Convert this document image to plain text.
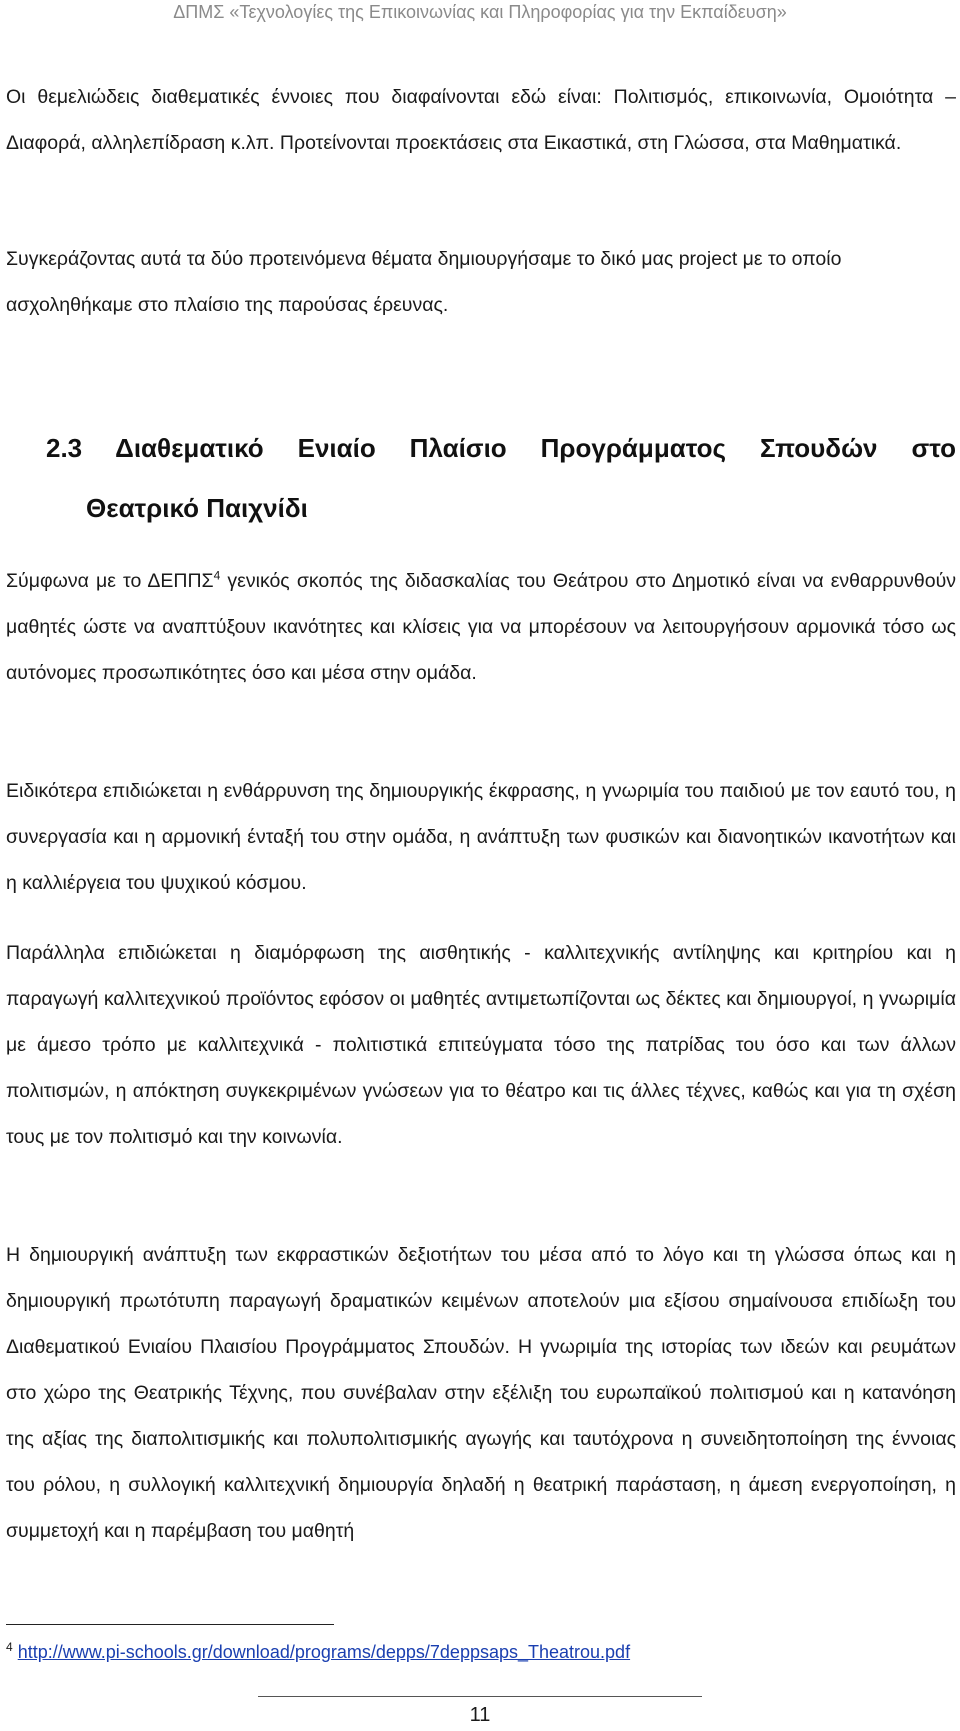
ΔΠΜΣ «Τεχνολογίες της Επικοινωνίας και Πληροφορίας για την Εκπαίδευση»

Οι θεμελιώδεις διαθεματικές έννοιες που διαφαίνονται εδώ είναι: Πολιτισμός, επικοινωνία, Ομοιότητα – Διαφορά, αλληλεπίδραση κ.λπ. Προτείνονται προεκτάσεις στα Εικαστικά, στη Γλώσσα, στα Μαθηματικά.

Συγκεράζοντας αυτά τα δύο προτεινόμενα θέματα δημιουργήσαμε το δικό μας project με το οποίο ασχοληθήκαμε στο πλαίσιο της παρούσας έρευνας.

2.3 Διαθεματικό Ενιαίο Πλαίσιο Προγράμματος Σπουδών στο
Θεατρικό Παιχνίδι

Σύμφωνα με το ΔΕΠΠΣ$^4$ γενικός σκοπός της διδασκαλίας του Θεάτρου στο Δημοτικό είναι να ενθαρρυνθούν μαθητές ώστε να αναπτύξουν ικανότητες και κλίσεις για να μπορέσουν να λειτουργήσουν αρμονικά τόσο ως αυτόνομες προσωπικότητες όσο και μέσα στην ομάδα.

Ειδικότερα επιδιώκεται η ενθάρρυνση της δημιουργικής έκφρασης, η γνωριμία του παιδιού με τον εαυτό του, η συνεργασία και η αρμονική ένταξή του στην ομάδα, η ανάπτυξη των φυσικών και διανοητικών ικανοτήτων και η καλλιέργεια του ψυχικού κόσμου.

Παράλληλα επιδιώκεται η διαμόρφωση της αισθητικής - καλλιτεχνικής αντίληψης και κριτηρίου και η παραγωγή καλλιτεχνικού προϊόντος εφόσον οι μαθητές αντιμετωπίζονται ως δέκτες και δημιουργοί, η γνωριμία με άμεσο τρόπο με καλλιτεχνικά - πολιτιστικά επιτεύγματα τόσο της πατρίδας του όσο και των άλλων πολιτισμών, η απόκτηση συγκεκριμένων γνώσεων για το θέατρο και τις άλλες τέχνες, καθώς και για τη σχέση τους με τον πολιτισμό και την κοινωνία.

Η δημιουργική ανάπτυξη των εκφραστικών δεξιοτήτων του μέσα από το λόγο και τη γλώσσα όπως και η δημιουργική πρωτότυπη παραγωγή δραματικών κειμένων αποτελούν μια εξίσου σημαίνουσα επιδίωξη του Διαθεματικού Ενιαίου Πλαισίου Προγράμματος Σπουδών. Η γνωριμία της ιστορίας των ιδεών και ρευμάτων στο χώρο της Θεατρικής Τέχνης, που συνέβαλαν στην εξέλιξη του ευρωπαϊκού πολιτισμού και η κατανόηση της αξίας της διαπολιτισμικής και πολυπολιτισμικής αγωγής και ταυτόχρονα η συνειδητοποίηση της έννοιας του ρόλου, η συλλογική καλλιτεχνική δημιουργία δηλαδή η θεατρική παράσταση, η άμεση ενεργοποίηση, η συμμετοχή και η παρέμβαση του μαθητή

$^4$ http://www.pi-schools.gr/download/programs/depps/7deppsaps_Theatrou.pdf
11
